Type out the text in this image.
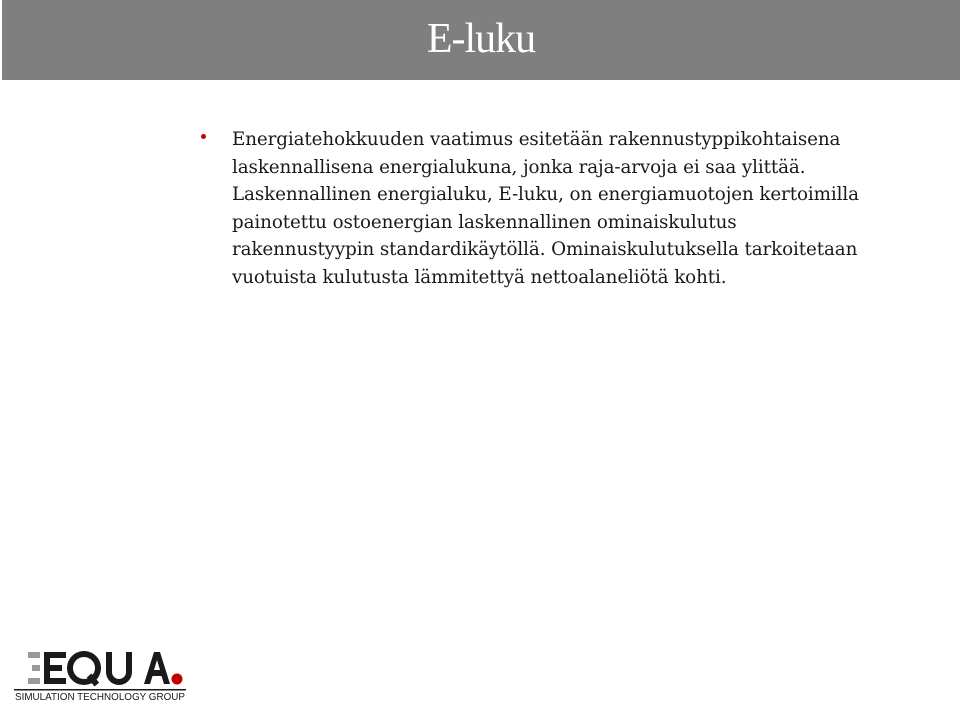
E-luku
Energiatehokkuuden vaatimus esitetään rakennustyppikohtaisena
laskennallisena energialukuna, jonka raja-arvoja ei saa ylittää.
Laskennallinen energialuku, E-luku, on energiamuotojen kertoimilla
painotettu ostoenergian laskennallinen ominaiskulutus
rakennustyypin standardikäytöllä. Ominaiskulutuksella tarkoitetaan
vuotuista kulutusta lämmitettyä nettoalaneliötä kohti.
SIMULATION TECHNOLOGY GROUP
